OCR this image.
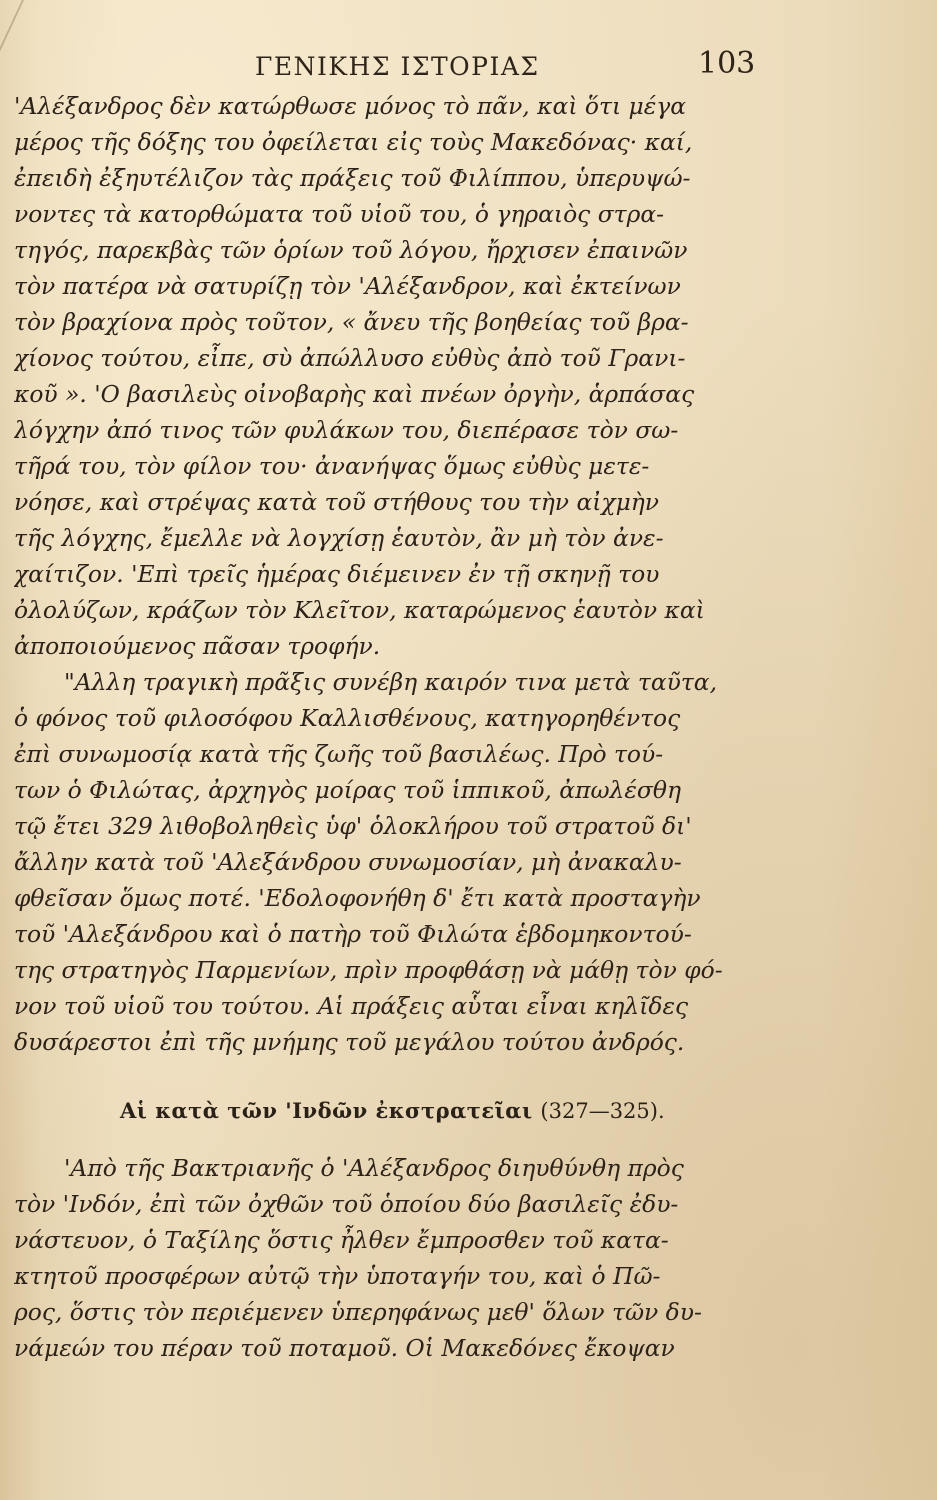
ΓΕΝΙΚΗΣ ΙΣΤΟΡΙΑΣ	103
'Αλέξανδρος δὲν κατώρθωσε μόνος τὸ πᾶν, καὶ ὅτι μέγα
μέρος τῆς δόξης του ὀφείλεται εἰς τοὺς Μακεδόνας· καί,
ἐπειδὴ ἐξηυτέλιζον τὰς πράξεις τοῦ Φιλίππου, ὑπερυψώ-
νοντες τὰ κατορθώματα τοῦ υἱοῦ του, ὁ γηραιὸς στρα-
τηγός, παρεκβὰς τῶν ὁρίων τοῦ λόγου, ἤρχισεν ἐπαινῶν
τὸν πατέρα νὰ σατυρίζῃ τὸν 'Αλέξανδρον, καὶ ἐκτείνων
τὸν βραχίονα πρὸς τοῦτον, « ἄνευ τῆς βοηθείας τοῦ βρα-
χίονος τούτου, εἶπε, σὺ ἀπώλλυσο εὐθὺς ἀπὸ τοῦ Γρανι-
κοῦ ». 'Ο βασιλεὺς οἰνοβαρὴς καὶ πνέων ὀργὴν, ἁρπάσας
λόγχην ἀπό τινος τῶν φυλάκων του, διεπέρασε τὸν σω-
τῆρά του, τὸν φίλον του· ἀνανήψας ὅμως εὐθὺς μετε-
νόησε, καὶ στρέψας κατὰ τοῦ στήθους του τὴν αἰχμὴν
τῆς λόγχης, ἔμελλε νὰ λογχίσῃ ἑαυτὸν, ἂν μὴ τὸν ἀνε-
χαίτιζον. 'Επὶ τρεῖς ἡμέρας διέμεινεν ἐν τῇ σκηνῇ του
ὀλολύζων, κράζων τὸν Κλεῖτον, καταρώμενος ἑαυτὸν καὶ
ἀποποιούμενος πᾶσαν τροφήν.
"Αλλη τραγικὴ πρᾶξις συνέβη καιρόν τινα μετὰ ταῦτα,
ὁ φόνος τοῦ φιλοσόφου Καλλισθένους, κατηγορηθέντος
ἐπὶ συνωμοσίᾳ κατὰ τῆς ζωῆς τοῦ βασιλέως. Πρὸ τού-
των ὁ Φιλώτας, ἀρχηγὸς μοίρας τοῦ ἱππικοῦ, ἀπωλέσθη
τῷ ἔτει 329 λιθοβοληθεὶς ὑφ' ὁλοκλήρου τοῦ στρατοῦ δι'
ἄλλην κατὰ τοῦ 'Αλεξάνδρου συνωμοσίαν, μὴ ἀνακαλυ-
φθεῖσαν ὅμως ποτέ. 'Εδολοφονήθη δ' ἔτι κατὰ προσταγὴν
τοῦ 'Αλεξάνδρου καὶ ὁ πατὴρ τοῦ Φιλώτα ἑβδομηκοντού-
της στρατηγὸς Παρμενίων, πρὶν προφθάσῃ νὰ μάθῃ τὸν φό-
νον τοῦ υἱοῦ του τούτου. Αἱ πράξεις αὗται εἶναι κηλῖδες
δυσάρεστοι ἐπὶ τῆς μνήμης τοῦ μεγάλου τούτου ἀνδρός.
Αἱ κατὰ τῶν 'Ινδῶν ἐκστρατεῖαι (327—325).
'Απὸ τῆς Βακτριανῆς ὁ 'Αλέξανδρος διηυθύνθη πρὸς
τὸν 'Ινδόν, ἐπὶ τῶν ὀχθῶν τοῦ ὁποίου δύο βασιλεῖς ἐδυ-
νάστευον, ὁ Ταξίλης ὅστις ἦλθεν ἔμπροσθεν τοῦ κατα-
κτητοῦ προσφέρων αὐτῷ τὴν ὑποταγήν του, καὶ ὁ Πῶ-
ρος, ὅστις τὸν περιέμενεν ὑπερηφάνως μεθ' ὅλων τῶν δυ-
νάμεών του πέραν τοῦ ποταμοῦ. Οἱ Μακεδόνες ἔκοψαν
